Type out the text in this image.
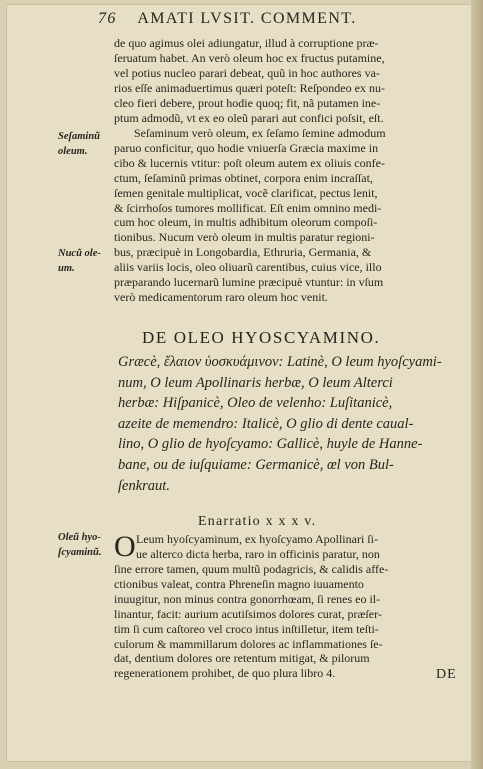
76 AMATI LVSIT. COMMENT.
de quo agimus olei adiungatur, illud à corruptione præ-
ſeruatum habet. An verò oleum hoc ex fructus putamine,
vel potius nucleo parari debeat, quũ in hoc authores va-
rios eſſe animaduertimus quæri poteſt: Reſpondeo ex nu-
cleo fieri debere, prout hodie quoq; fit, nã putamen ine-
ptum admodũ, vt ex eo oleũ parari aut confici poſsit, eſt.
Seſaminum verò oleum, ex ſeſamo ſemine admodum
paruo conficitur, quo hodie vniuerſa Græcia maxime in
cibo & lucernis vtitur: poſt oleum autem ex oliuis confe-
ctum, ſeſaminũ primas obtinet, corpora enim incraſſat,
ſemen genitale multiplicat, vocẽ clarificat, pectus lenit,
& ſcirrhoſos tumores mollificat. Eſt enim omnino medi-
cum hoc oleum, in multis adhibitum oleorum compoſi-
tionibus. Nucum verò oleum in multis paratur regioni-
bus, præcipuè in Longobardia, Ethruria, Germania, &
aliis variis locis, oleo oliuarũ carentibus, cuius vice, illo
præparando lucernarũ lumine præcipuè vtuntur: in vſum
verò medicamentorum raro oleum hoc venit.
Seſaminũ
oleum.
Nucũ ole-
um.
Oleũ hyo-
ſcyaminũ.
DE OLEO HYOSCYAMINO.
Græcè, ἔλαιον ὑοσκυάμινον: Latinè, O leum hyoſcyami-
num, O leum Apollinaris herbæ, O leum Alterci
herbæ: Hiſpanicè, Oleo de velenho: Luſitanicè,
azeite de memendro: Italicè, O glio di dente caual-
lino, O glio de hyoſcyamo: Gallicè, huyle de Hanne-
bane, ou de iuſquiame: Germanicè, œl von Bul-
ſenkraut.
Enarratio x x x v.
O Leum hyoſcyaminum, ex hyoſcyamo Apollinari ſi-
ue alterco dicta herba, raro in officinis paratur, non
ſine errore tamen, quum multũ podagricis, & calidis affe-
ctionibus valeat, contra Phreneſin magno iuuamento
inuugitur, non minus contra gonorrhœam, ſi renes eo il-
linantur, facit: aurium acutiſsimos dolores curat, præſer-
tim ſi cum caſtoreo vel croco intus inſtilletur, item teſti-
culorum & mammillarum dolores ac inflammationes ſe-
dat, dentium dolores ore retentum mitigat, & pilorum
regenerationem prohibet, de quo plura libro 4.	DE
